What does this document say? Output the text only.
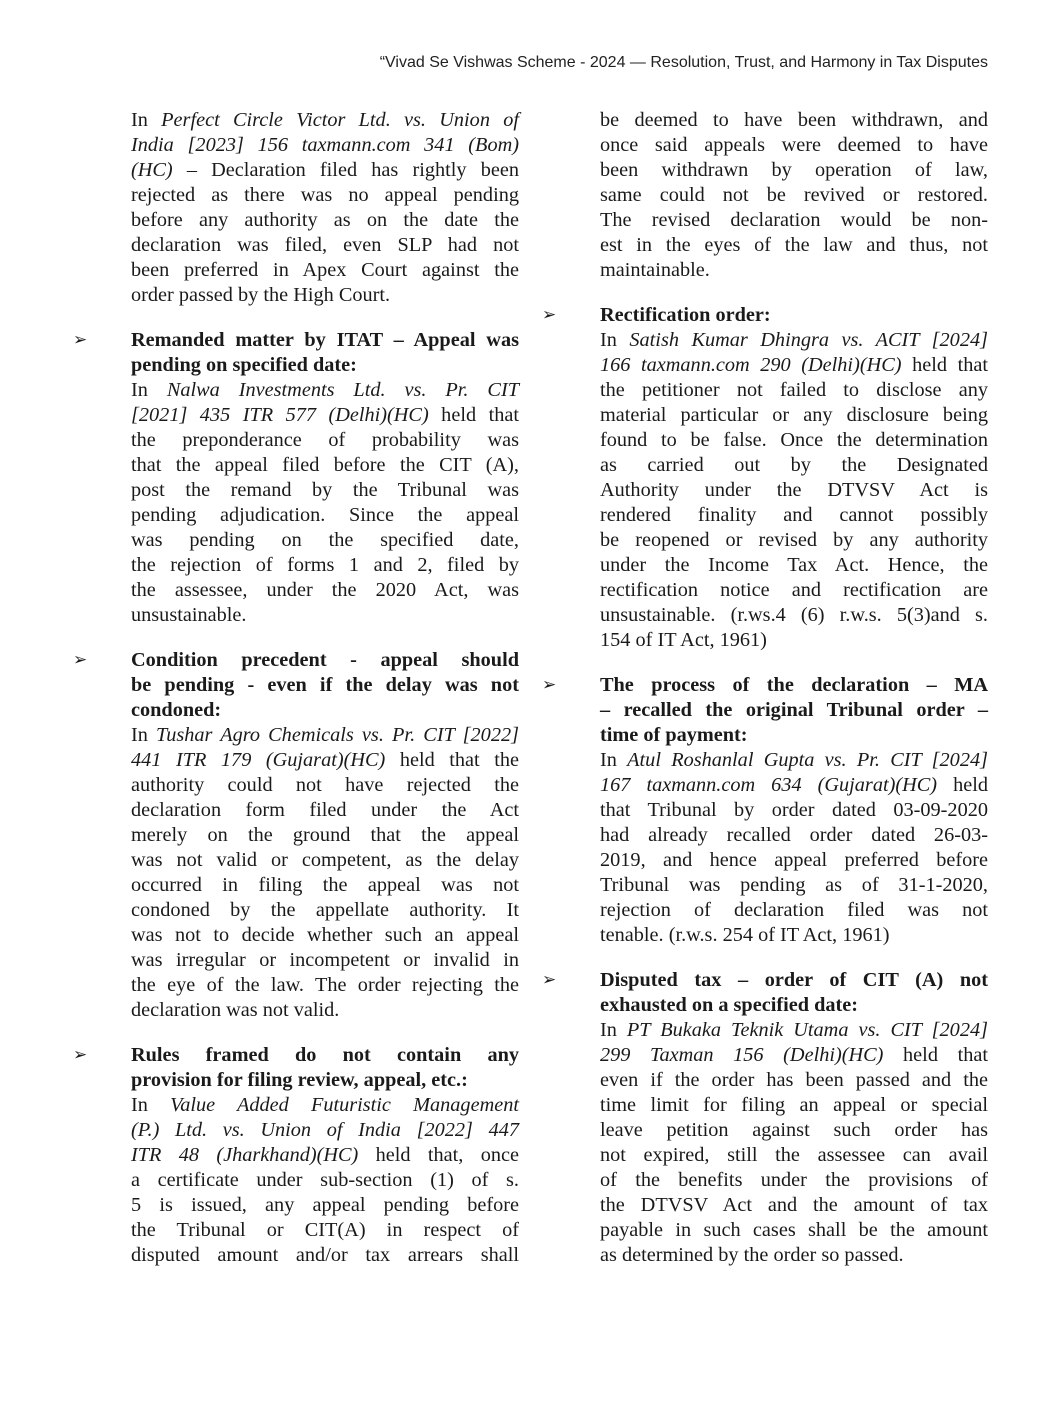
“Vivad Se Vishwas Scheme - 2024 — Resolution, Trust, and Harmony in Tax Disputes
In Perfect Circle Victor Ltd. vs. Union of
India [2023] 156 taxmann.com 341 (Bom)
(HC) – Declaration filed has rightly been
rejected as there was no appeal pending
before any authority as on the date the
declaration was filed, even SLP had not
been preferred in Apex Court against the
order passed by the High Court.
➢ Remanded matter by ITAT – Appeal was
pending on specified date:
In Nalwa Investments Ltd. vs. Pr. CIT
[2021] 435 ITR 577 (Delhi)(HC) held that
the preponderance of probability was
that the appeal filed before the CIT (A),
post the remand by the Tribunal was
pending adjudication. Since the appeal
was pending on the specified date,
the rejection of forms 1 and 2, filed by
the assessee, under the 2020 Act, was
unsustainable.
➢ Condition precedent - appeal should
be pending - even if the delay was not
condoned:
In Tushar Agro Chemicals vs. Pr. CIT [2022]
441 ITR 179 (Gujarat)(HC) held that the
authority could not have rejected the
declaration form filed under the Act
merely on the ground that the appeal
was not valid or competent, as the delay
occurred in filing the appeal was not
condoned by the appellate authority. It
was not to decide whether such an appeal
was irregular or incompetent or invalid in
the eye of the law. The order rejecting the
declaration was not valid.
➢ Rules framed do not contain any
provision for filing review, appeal, etc.:
In Value Added Futuristic Management
(P.) Ltd. vs. Union of India [2022] 447
ITR 48 (Jharkhand)(HC) held that, once
a certificate under sub-section (1) of s.
5 is issued, any appeal pending before
the Tribunal or CIT(A) in respect of
disputed amount and/or tax arrears shall
be deemed to have been withdrawn, and
once said appeals were deemed to have
been withdrawn by operation of law,
same could not be revived or restored.
The revised declaration would be non-
est in the eyes of the law and thus, not
maintainable.
➢ Rectification order:
In Satish Kumar Dhingra vs. ACIT [2024]
166 taxmann.com 290 (Delhi)(HC) held that
the petitioner not failed to disclose any
material particular or any disclosure being
found to be false. Once the determination
as carried out by the Designated
Authority under the DTVSV Act is
rendered finality and cannot possibly
be reopened or revised by any authority
under the Income Tax Act. Hence, the
rectification notice and rectification are
unsustainable. (r.ws.4 (6) r.w.s. 5(3)and s.
154 of IT Act, 1961)
➢ The process of the declaration – MA
– recalled the original Tribunal order –
time of payment:
In Atul Roshanlal Gupta vs. Pr. CIT [2024]
167 taxmann.com 634 (Gujarat)(HC) held
that Tribunal by order dated 03-09-2020
had already recalled order dated 26-03-
2019, and hence appeal preferred before
Tribunal was pending as of 31-1-2020,
rejection of declaration filed was not
tenable. (r.w.s. 254 of IT Act, 1961)
➢ Disputed tax – order of CIT (A) not
exhausted on a specified date:
In PT Bukaka Teknik Utama vs. CIT [2024]
299 Taxman 156 (Delhi)(HC) held that
even if the order has been passed and the
time limit for filing an appeal or special
leave petition against such order has
not expired, still the assessee can avail
of the benefits under the provisions of
the DTVSV Act and the amount of tax
payable in such cases shall be the amount
as determined by the order so passed.
